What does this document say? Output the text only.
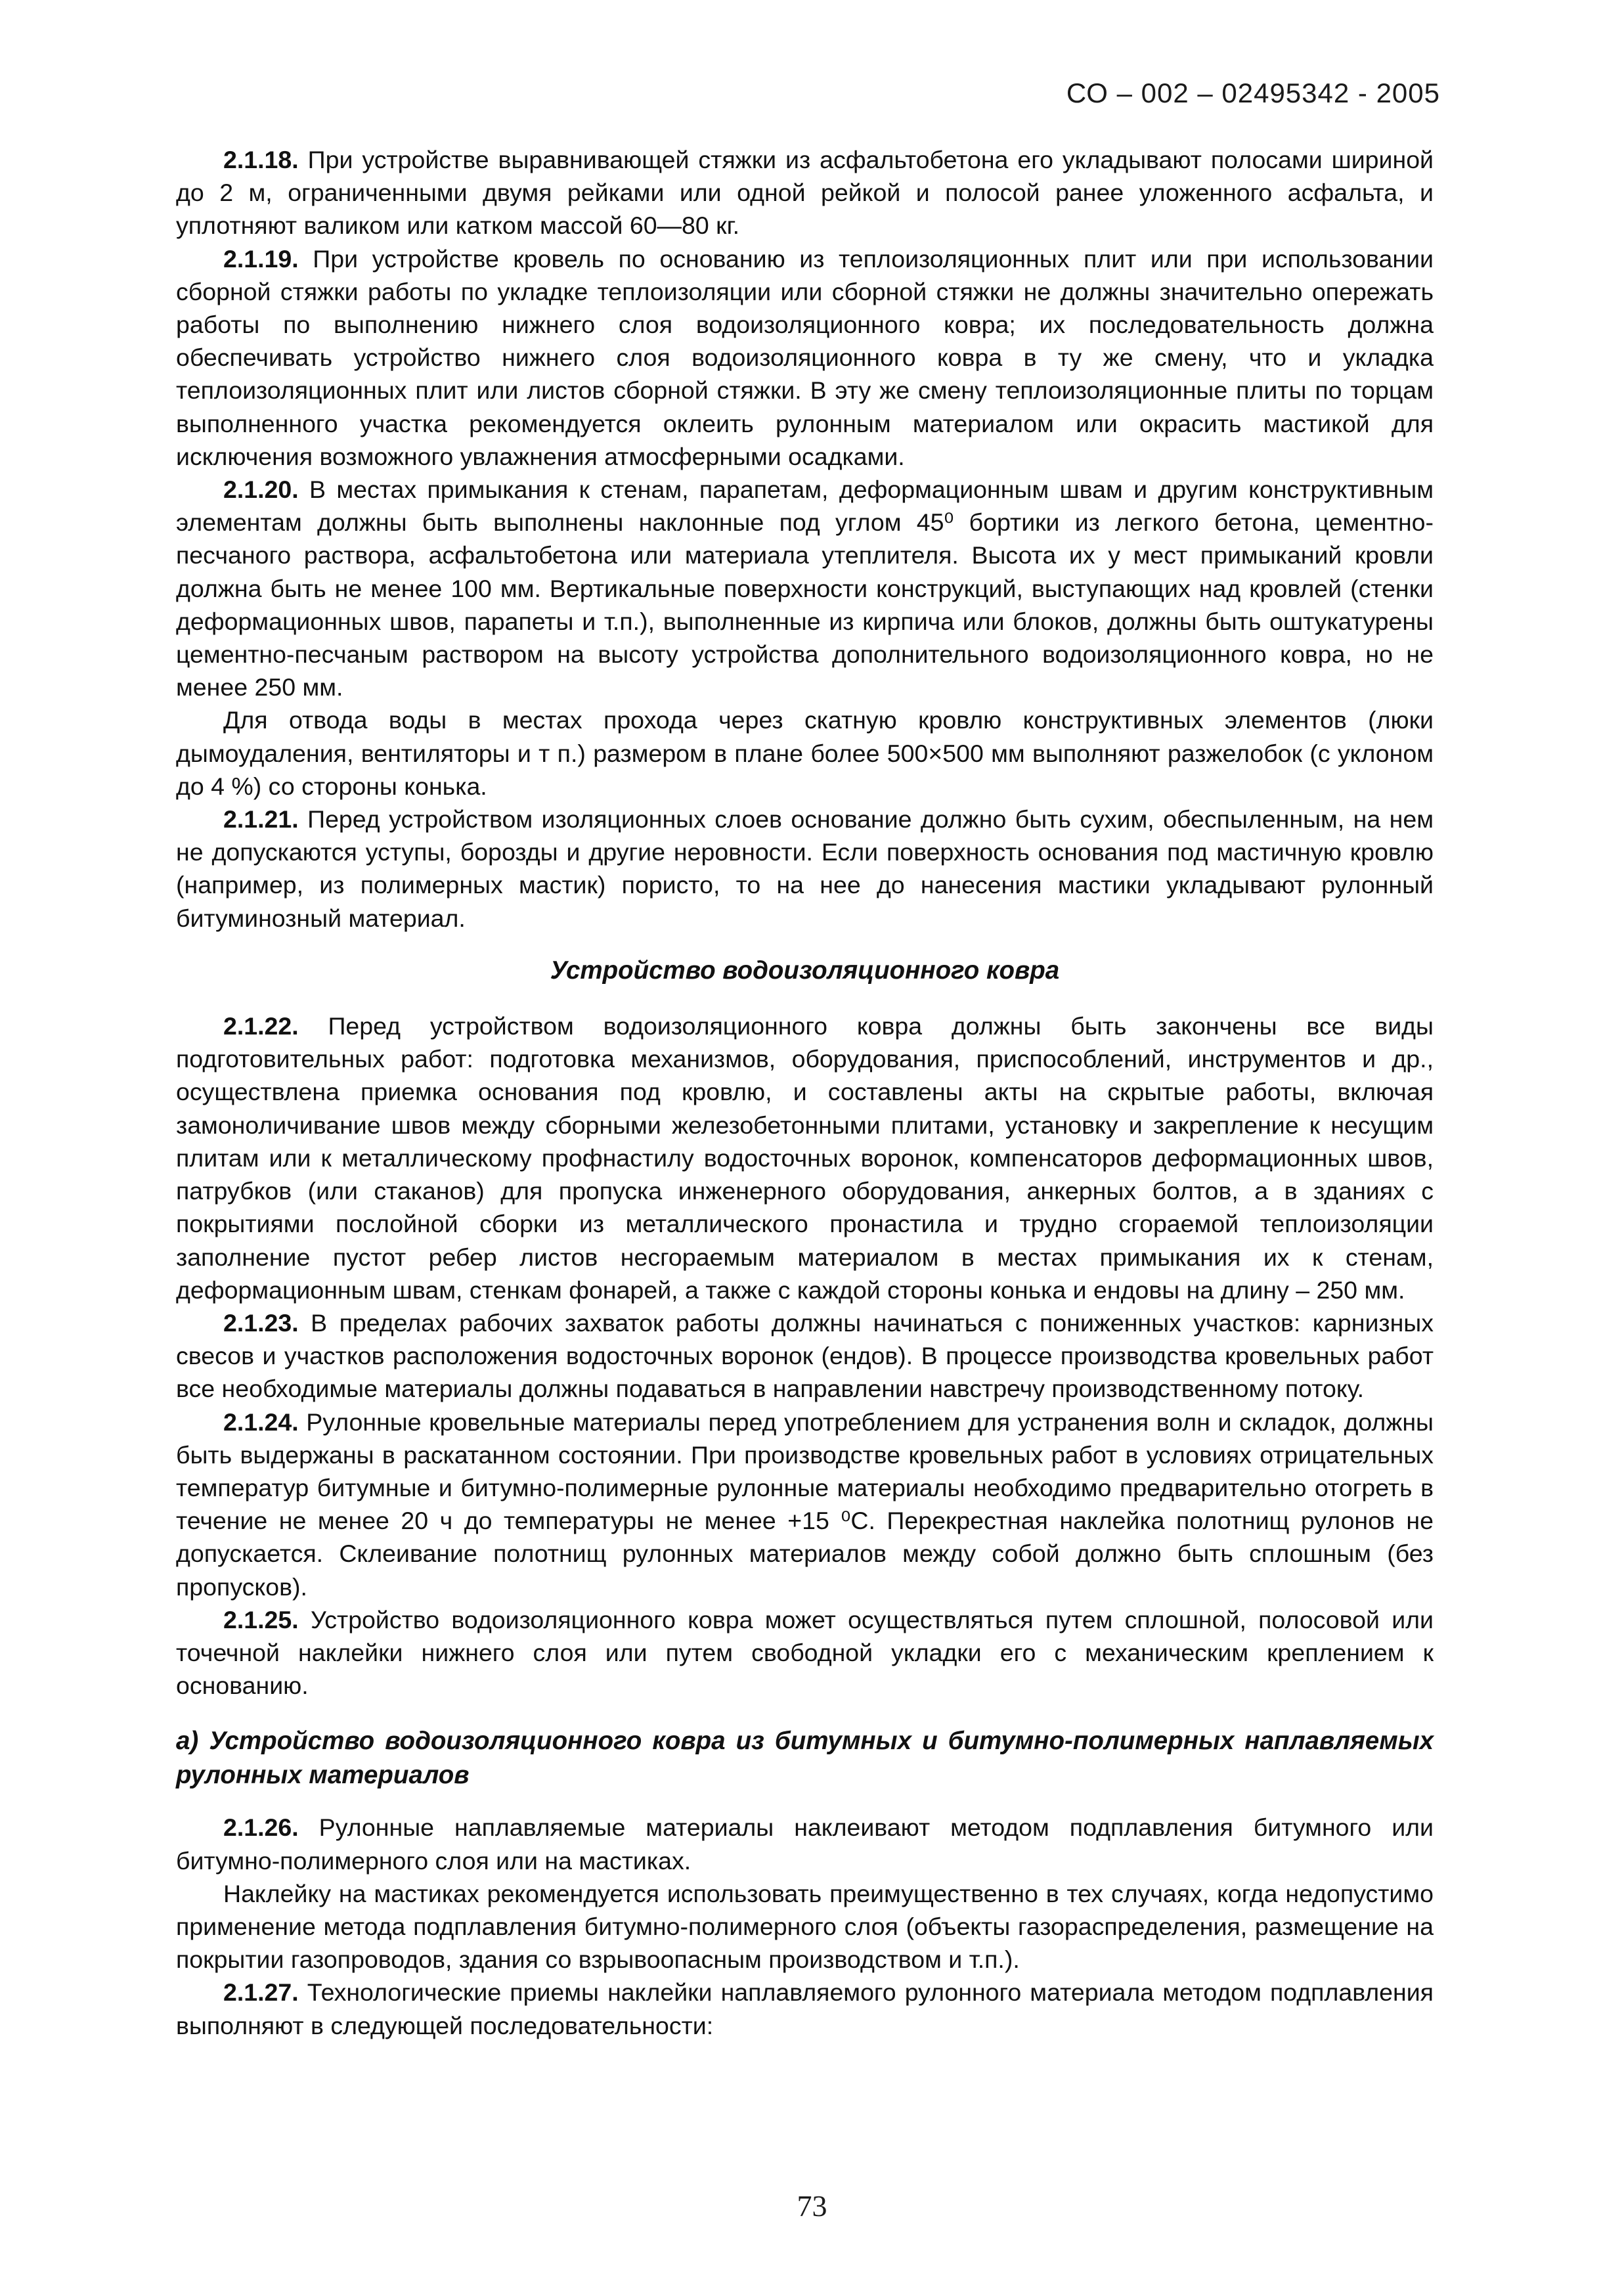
СО – 002 – 02495342 - 2005

2.1.18. При устройстве выравнивающей стяжки из асфальтобетона его укладывают полосами шириной до 2 м, ограниченными двумя рейками или одной рейкой и полосой ранее уложенного асфальта, и уплотняют валиком или катком массой 60—80 кг.

2.1.19. При устройстве кровель по основанию из теплоизоляционных плит или при использовании сборной стяжки работы по укладке теплоизоляции или сборной стяжки не должны значительно опережать работы по выполнению нижнего слоя водоизоляционного ковра; их последовательность должна обеспечивать устройство нижнего слоя водоизоляционного ковра в ту же смену, что и укладка теплоизоляционных плит или листов сборной стяжки. В эту же смену теплоизоляционные плиты по торцам выполненного участка рекомендуется оклеить рулонным материалом или окрасить мастикой для исключения возможного увлажнения атмосферными осадками.

2.1.20. В местах примыкания к стенам, парапетам, деформационным швам и другим конструктивным элементам должны быть выполнены наклонные под углом 45⁰ бортики из легкого бетона, цементно-песчаного раствора, асфальтобетона или материала утеплителя. Высота их у мест примыканий кровли должна быть не менее 100 мм. Вертикальные поверхности конструкций, выступающих над кровлей (стенки деформационных швов, парапеты и т.п.), выполненные из кирпича или блоков, должны быть оштукатурены цементно-песчаным раствором на высоту устройства дополнительного водоизоляционного ковра, но не менее 250 мм.

Для отвода воды в местах прохода через скатную кровлю конструктивных элементов (люки дымоудаления, вентиляторы и т п.) размером в плане более 500×500 мм выполняют разжелобок (с уклоном до 4 %) со стороны конька.

2.1.21. Перед устройством изоляционных слоев основание должно быть сухим, обеспыленным, на нем не допускаются уступы, борозды и другие неровности. Если поверхность основания под мастичную кровлю (например, из полимерных мастик) пористо, то на нее до нанесения мастики укладывают рулонный битуминозный материал.

Устройство водоизоляционного ковра

2.1.22. Перед устройством водоизоляционного ковра должны быть закончены все виды подготовительных работ: подготовка механизмов, оборудования, приспособлений, инструментов и др., осуществлена приемка основания под кровлю, и составлены акты на скрытые работы, включая замоноличивание швов между сборными железобетонными плитами, установку и закрепление к несущим плитам или к металлическому профнастилу водосточных воронок, компенсаторов деформационных швов, патрубков (или стаканов) для пропуска инженерного оборудования, анкерных болтов, а в зданиях с покрытиями послойной сборки из металлического пронастила и трудно сгораемой теплоизоляции заполнение пустот ребер листов несгораемым материалом в местах примыкания их к стенам, деформационным швам, стенкам фонарей, а также с каждой стороны конька и ендовы на длину – 250 мм.

2.1.23. В пределах рабочих захваток работы должны начинаться с пониженных участков: карнизных свесов и участков расположения водосточных воронок (ендов). В процессе производства кровельных работ все необходимые материалы должны подаваться в направлении навстречу производственному потоку.

2.1.24. Рулонные кровельные материалы перед употреблением для устранения волн и складок, должны быть выдержаны в раскатанном состоянии. При производстве кровельных работ в условиях отрицательных температур битумные и битумно-полимерные рулонные материалы необходимо предварительно отогреть в течение не менее 20 ч до температуры не менее +15 ⁰С. Перекрестная наклейка полотнищ рулонов не допускается. Склеивание полотнищ рулонных материалов между собой должно быть сплошным (без пропусков).

2.1.25. Устройство водоизоляционного ковра может осуществляться путем сплошной, полосовой или точечной наклейки нижнего слоя или путем свободной укладки его с механическим креплением к основанию.

а) Устройство водоизоляционного ковра из битумных и битумно-полимерных наплавляемых рулонных материалов

2.1.26. Рулонные наплавляемые материалы наклеивают методом подплавления битумного или битумно-полимерного слоя или на мастиках.

Наклейку на мастиках рекомендуется использовать преимущественно в тех случаях, когда недопустимо применение метода подплавления битумно-полимерного слоя (объекты газораспределения, размещение на покрытии газопроводов, здания со взрывоопасным производством и т.п.).

2.1.27. Технологические приемы наклейки наплавляемого рулонного материала методом подплавления выполняют в следующей последовательности:

73
